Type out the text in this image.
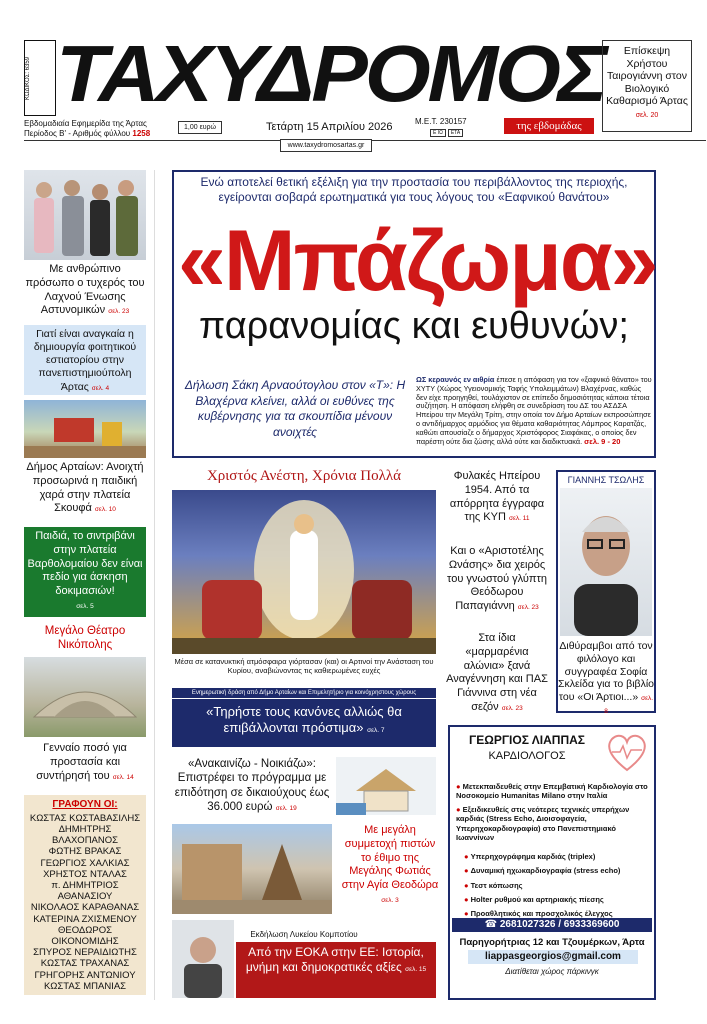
ΚΩΔΙΚΟΣ: 6359 ΤΑΧΥΔΡΟΜΟΣ	Επίσκεψη Χρήστου Ταιρογιάννη στον Βιολογικό Καθαρισμό Άρτας
σελ. 20
Εβδομαδιαία Εφημερίδα της Άρτας
Περίοδος Β' - Αριθμός φύλλου 1258
1,00 ευρώ	Τετάρτη 15 Απριλίου 2026	Μ.Ε.Τ. 230157
Ε ΙΩ ΕΤΑ
της εβδομάδας
www.taxydromosartas.gr
Με ανθρώπινο πρόσωπο ο τυχερός του Λαχνού Ένωσης Αστυνομικών σελ. 23
Γιατί είναι αναγκαία η δημιουργία φοιτητικού εστιατορίου στην πανεπιστημιούπολη Άρτας σελ. 4
Δήμος Αρταίων: Ανοιχτή προσωρινά η παιδική χαρά στην πλατεία Σκουφά σελ. 10
Παιδιά, το σιντριβάνι στην πλατεία Βαρθολομαίου δεν είναι πεδίο για άσκηση δοκιμασιών!
σελ. 5
Μεγάλο Θέατρο Νικόπολης
Γενναίο ποσό για προστασία και συντήρησή του σελ. 14
ΓΡΑΦΟΥΝ ΟΙ:
ΚΩΣΤΑΣ ΚΩΣΤΑΒΑΣΙΛΗΣ
ΔΗΜΗΤΡΗΣ ΒΛΑΧΟΠΑΝΟΣ
ΦΩΤΗΣ ΒΡΑΚΑΣ
ΓΕΩΡΓΙΟΣ ΧΑΛΚΙΑΣ
ΧΡΗΣΤΟΣ ΝΤΑΛΑΣ
π. ΔΗΜΗΤΡΙΟΣ ΑΘΑΝΑΣΙΟΥ
ΝΙΚΟΛΑΟΣ ΚΑΡΑΘΑΝΑΣ
ΚΑΤΕΡΙΝΑ ΖΧΙΣΜΕΝΟΥ
ΘΕΟΔΩΡΟΣ ΟΙΚΟΝΟΜΙΔΗΣ
ΣΠΥΡΟΣ ΝΕΡΑΙΔΙΩΤΗΣ
ΚΩΣΤΑΣ ΤΡΑΧΑΝΑΣ
ΓΡΗΓΟΡΗΣ ΑΝΤΩΝΙΟΥ
ΚΩΣΤΑΣ ΜΠΑΝΙΑΣ
Ενώ αποτελεί θετική εξέλιξη για την προστασία του περιβάλλοντος της περιοχής, εγείρονται σοβαρά ερωτηματικά για τους λόγους του «Εαφνικού θανάτου»
«Μπάζωμα»
παρανομίας και ευθυνών;
Δήλωση Σάκη Αρναούτογλου στον «Τ»: Η Βλαχέρνα κλείνει, αλλά οι ευθύνες της κυβέρνησης για τα σκουπίδια μένουν ανοιχτές
ΩΣ κεραυνός εν αιθρία έπεσε η απόφαση για τον «ξαφνικό θάνατο» του ΧΥΤΥ (Χώρος Υγειονομικής Ταφής Υπολειμμάτων) Βλαχέρνας, καθώς δεν είχε προηγηθεί, τουλάχιστον σε επίπεδο δημοσιότητας κάποια τέτοια συζήτηση. Η απόφαση ελήφθη σε συνεδρίαση του ΔΣ του ΑΣΔΣΑ Ηπείρου την Μεγάλη Τρίτη, στην οποία τον Δήμο Αρταίων εκπροσώπησε ο αντιδήμαρχος αρμόδιος για θέματα καθαριότητας Λάμπρος Καρατζάς, καθώτι απουσίαζε ο δήμαρχος Χριστόφορος Σιαφάκας, ο οποίος δεν παρέστη ούτε δια ζώσης αλλά ούτε και διαδικτυακά. σελ. 9 - 20
Χριστός Ανέστη, Χρόνια Πολλά
Μέσα σε κατανυκτική ατμόσφαιρα γιόρτασαν (και) οι Αρτινοί την Ανάσταση του Κυρίου, αναβιώνοντας τις καθιερωμένες ευχές
Ενημερωτική δράση από Δήμο Αρταίων και Επιμελητήριο για κοινόχρηστους χώρους
«Τηρήστε τους κανόνες αλλιώς θα επιβάλλονται πρόστιμα» σελ. 7
Φυλακές Ηπείρου 1954. Από τα απόρρητα έγγραφα της ΚΥΠ σελ. 11
Και ο «Αριστοτέλης Ωνάσης» δια χειρός του γνωστού γλύπτη Θεόδωρου Παπαγιάννη σελ. 23
Στα ίδια «μαρμαρένια αλώνια» ξανά Αναγέννηση και ΠΑΣ Γιάννινα στη νέα σεζόν σελ. 23
ΓΙΑΝΝΗΣ ΤΣΩΛΗΣ
Διθύραμβοι από τον φιλόλογο και συγγραφέα Σοφία Σκλείδα για το βιβλίο του «Οι Άρτιοι...» σελ. 8
«Ανακαινίζω - Νοικιάζω»: Επιστρέφει το πρόγραμμα με επιδότηση σε δικαιούχους έως 36.000 ευρώ σελ. 19
Με μεγάλη συμμετοχή πιστών το έθιμο της Μεγάλης Φωτιάς στην Αγία Θεοδώρα σελ. 3
Εκδήλωση Λυκείου Κομποτίου
Από την ΕΟΚΑ στην ΕΕ: Ιστορία, μνήμη και δημοκρατικές αξίες σελ. 15
ΓΕΩΡΓΙΟΣ ΛΙΑΠΠΑΣ
ΚΑΡΔΙΟΛΟΓΟΣ
● Μετεκπαιδευθείς στην Επεμβατική Καρδιολογία στο Νοσοκομείο Humanitas Milano στην Ιταλία
● Εξειδικευθείς στις νεότερες τεχνικές υπερήχων καρδιάς (Stress Echo, Διοισοφαγεία, Υπερηχοκαρδιογραφία) στο Πανεπιστημιακό Ιωαννίνων
● Υπερηχογράφημα καρδιάς (triplex)
● Δυναμική ηχωκαρδιογραφία (stress echo)
● Τεστ κόπωσης
● Holter ρυθμού και αρτηριακής πίεσης
● Προαθλητικός και προσχολικός έλεγχος
☎ 2681027326 / 6933369600
Παρηγορήτριας 12 και Τζουμέρκων, Άρτα
liappasgeorgios@gmail.com
Διατίθεται χώρος πάρκινγκ
